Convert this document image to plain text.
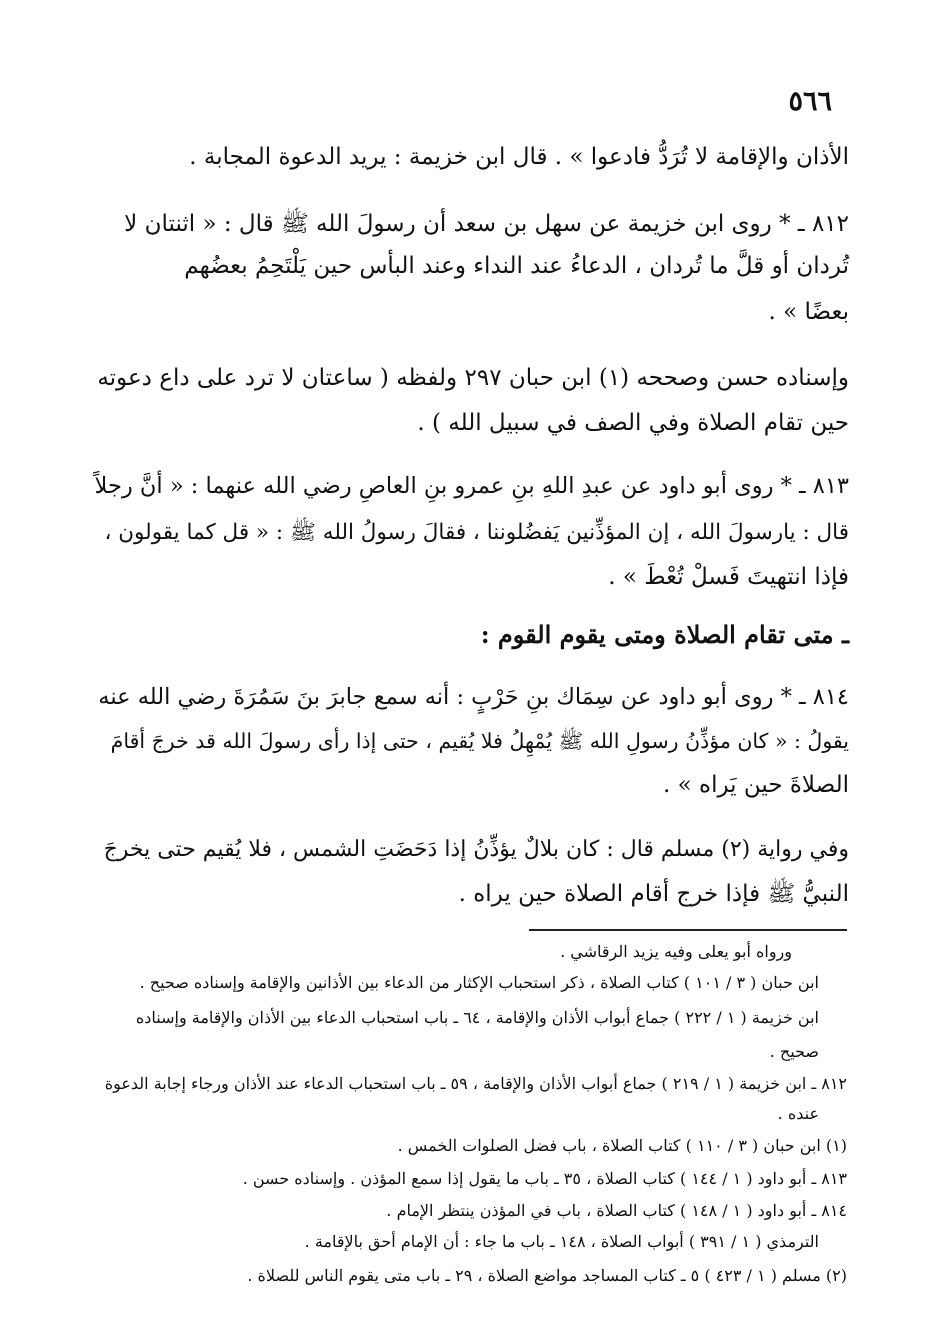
٥٦٦
الأذان والإقامة لا تُرَدُّ فادعوا » . قال ابن خزيمة : يريد الدعوة المجابة .
٨١٢ ـ * روى ابن خزيمة عن سهل بن سعد أن رسولَ الله ﷺ قال : « اثنتان لا
تُردان أو قلَّ ما تُردان ، الدعاءُ عند النداء وعند البأس حين يَلْتَحِمُ بعضُهم
بعضًا » .
وإسناده حسن وصححه (١) ابن حبان ٢٩٧ ولفظه ( ساعتان لا ترد على داع دعوته
حين تقام الصلاة وفي الصف في سبيل الله ) .
٨١٣ ـ * روى أبو داود عن عبدِ اللهِ بنِ عمرو بنِ العاصِ رضي الله عنهما : « أنَّ رجلاً
قال : يارسولَ الله ، إن المؤذِّنين يَفضُلوننا ، فقالَ رسولُ الله ﷺ : « قل كما يقولون ،
فإذا انتهيتَ فَسلْ تُعْطَ » .
ـ متى تقام الصلاة ومتى يقوم القوم :
٨١٤ ـ * روى أبو داود عن سِمَاك بنِ حَرْبٍ : أنه سمع جابرَ بنَ سَمُرَةَ رضي الله عنه
يقولُ : « كان مؤذِّنُ رسولِ الله ﷺ يُمْهِلُ فلا يُقيم ، حتى إذا رأى رسولَ الله قد خرجَ أقامَ
الصلاةَ حين يَراه » .
وفي رواية (٢) مسلم قال : كان بلالٌ يؤذِّنُ إذا دَحَضَتِ الشمس ، فلا يُقيم حتى يخرجَ
النبيُّ ﷺ فإذا خرج أقام الصلاة حين يراه .
ورواه أبو يعلى وفيه يزيد الرقاشي .
ابن حبان ( ٣ / ١٠١ ) كتاب الصلاة ، ذكر استحباب الإكثار من الدعاء بين الأذانين والإقامة وإسناده صحيح .
ابن خزيمة ( ١ / ٢٢٢ ) جماع أبواب الأذان والإقامة ، ٦٤ ـ باب استحباب الدعاء بين الأذان والإقامة وإسناده
صحيح .
٨١٢ ـ ابن خزيمة ( ١ / ٢١٩ ) جماع أبواب الأذان والإقامة ، ٥٩ ـ باب استحباب الدعاء عند الأذان ورجاء إجابة الدعوة
عنده .
(١) ابن حبان ( ٣ / ١١٠ ) كتاب الصلاة ، باب فضل الصلوات الخمس .
٨١٣ ـ أبو داود ( ١ / ١٤٤ ) كتاب الصلاة ، ٣٥ ـ باب ما يقول إذا سمع المؤذن . وإسناده حسن .
٨١٤ ـ أبو داود ( ١ / ١٤٨ ) كتاب الصلاة ، باب في المؤذن ينتظر الإمام .
الترمذي ( ١ / ٣٩١ ) أبواب الصلاة ، ١٤٨ ـ باب ما جاء : أن الإمام أحق بالإقامة .
(٢) مسلم ( ١ / ٤٢٣ ) ٥ ـ كتاب المساجد مواضع الصلاة ، ٢٩ ـ باب متى يقوم الناس للصلاة .
